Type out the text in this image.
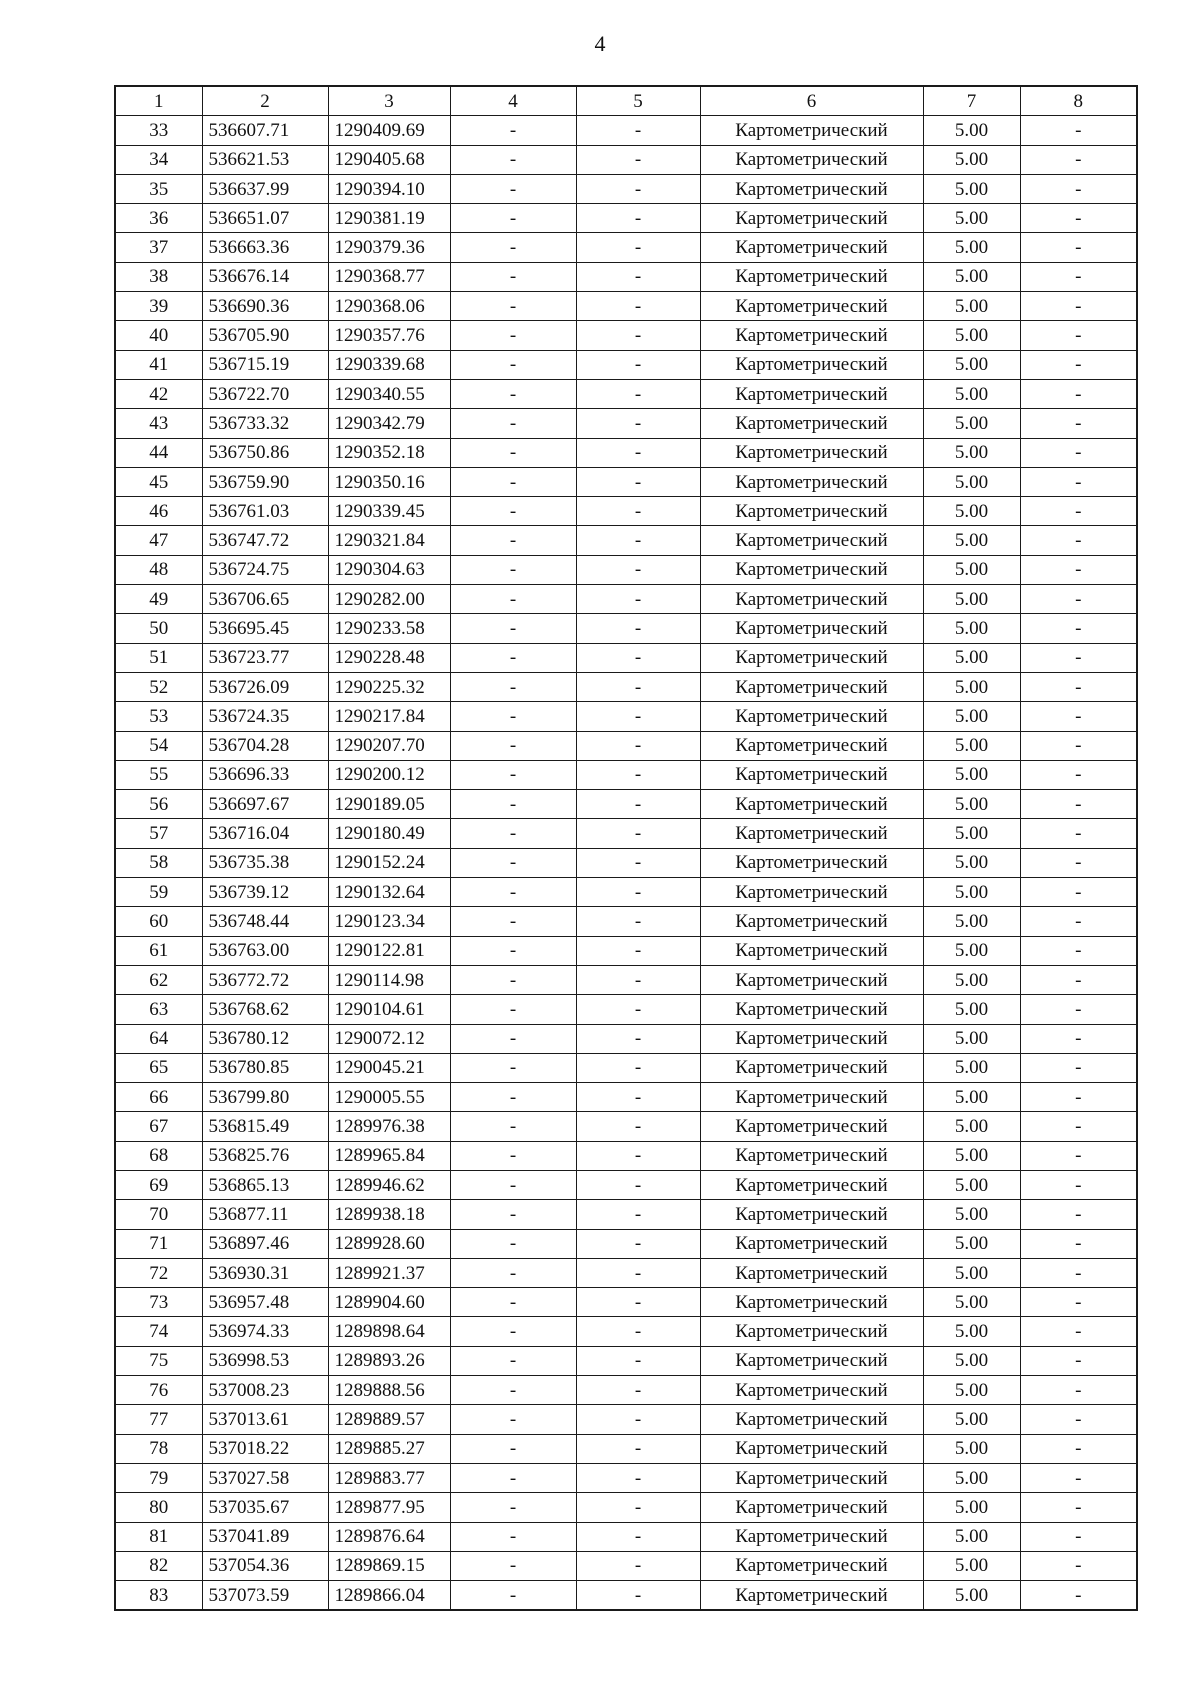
4
1	2	3	4	5	6	7	8
33	536607.71	1290409.69	-	-	Картометрический	5.00	-
34	536621.53	1290405.68	-	-	Картометрический	5.00	-
35	536637.99	1290394.10	-	-	Картометрический	5.00	-
36	536651.07	1290381.19	-	-	Картометрический	5.00	-
37	536663.36	1290379.36	-	-	Картометрический	5.00	-
38	536676.14	1290368.77	-	-	Картометрический	5.00	-
39	536690.36	1290368.06	-	-	Картометрический	5.00	-
40	536705.90	1290357.76	-	-	Картометрический	5.00	-
41	536715.19	1290339.68	-	-	Картометрический	5.00	-
42	536722.70	1290340.55	-	-	Картометрический	5.00	-
43	536733.32	1290342.79	-	-	Картометрический	5.00	-
44	536750.86	1290352.18	-	-	Картометрический	5.00	-
45	536759.90	1290350.16	-	-	Картометрический	5.00	-
46	536761.03	1290339.45	-	-	Картометрический	5.00	-
47	536747.72	1290321.84	-	-	Картометрический	5.00	-
48	536724.75	1290304.63	-	-	Картометрический	5.00	-
49	536706.65	1290282.00	-	-	Картометрический	5.00	-
50	536695.45	1290233.58	-	-	Картометрический	5.00	-
51	536723.77	1290228.48	-	-	Картометрический	5.00	-
52	536726.09	1290225.32	-	-	Картометрический	5.00	-
53	536724.35	1290217.84	-	-	Картометрический	5.00	-
54	536704.28	1290207.70	-	-	Картометрический	5.00	-
55	536696.33	1290200.12	-	-	Картометрический	5.00	-
56	536697.67	1290189.05	-	-	Картометрический	5.00	-
57	536716.04	1290180.49	-	-	Картометрический	5.00	-
58	536735.38	1290152.24	-	-	Картометрический	5.00	-
59	536739.12	1290132.64	-	-	Картометрический	5.00	-
60	536748.44	1290123.34	-	-	Картометрический	5.00	-
61	536763.00	1290122.81	-	-	Картометрический	5.00	-
62	536772.72	1290114.98	-	-	Картометрический	5.00	-
63	536768.62	1290104.61	-	-	Картометрический	5.00	-
64	536780.12	1290072.12	-	-	Картометрический	5.00	-
65	536780.85	1290045.21	-	-	Картометрический	5.00	-
66	536799.80	1290005.55	-	-	Картометрический	5.00	-
67	536815.49	1289976.38	-	-	Картометрический	5.00	-
68	536825.76	1289965.84	-	-	Картометрический	5.00	-
69	536865.13	1289946.62	-	-	Картометрический	5.00	-
70	536877.11	1289938.18	-	-	Картометрический	5.00	-
71	536897.46	1289928.60	-	-	Картометрический	5.00	-
72	536930.31	1289921.37	-	-	Картометрический	5.00	-
73	536957.48	1289904.60	-	-	Картометрический	5.00	-
74	536974.33	1289898.64	-	-	Картометрический	5.00	-
75	536998.53	1289893.26	-	-	Картометрический	5.00	-
76	537008.23	1289888.56	-	-	Картометрический	5.00	-
77	537013.61	1289889.57	-	-	Картометрический	5.00	-
78	537018.22	1289885.27	-	-	Картометрический	5.00	-
79	537027.58	1289883.77	-	-	Картометрический	5.00	-
80	537035.67	1289877.95	-	-	Картометрический	5.00	-
81	537041.89	1289876.64	-	-	Картометрический	5.00	-
82	537054.36	1289869.15	-	-	Картометрический	5.00	-
83	537073.59	1289866.04	-	-	Картометрический	5.00	-
